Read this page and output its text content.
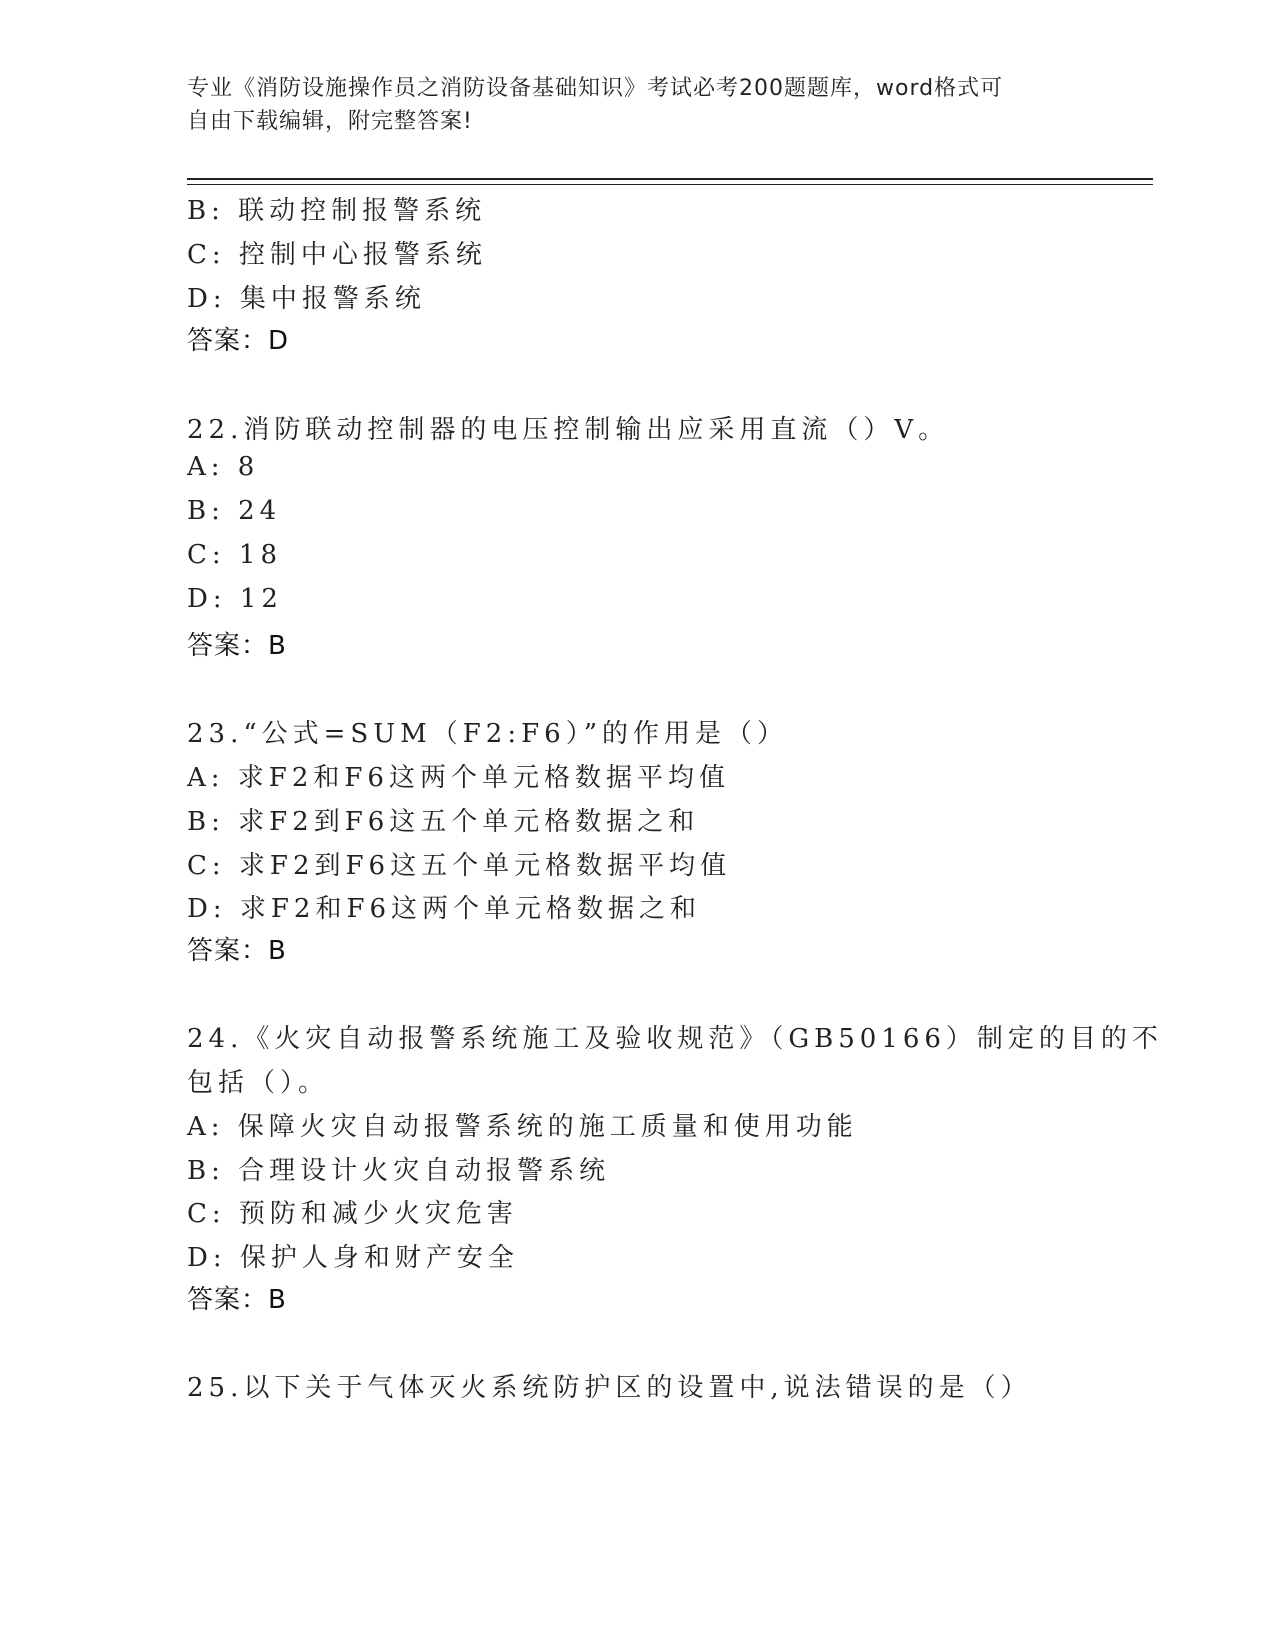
专业《消防设施操作员之消防设备基础知识》考试必考200题题库，word格式可
自由下载编辑，附完整答案!
B: 联动控制报警系统
C: 控制中心报警系统
D: 集中报警系统
答案：D
22.消防联动控制器的电压控制输出应采用直流（）V。
A: 8
B: 24
C: 18
D: 12
答案：B
23.“公式=SUM（F2:F6）”的作用是（）
A: 求F2和F6这两个单元格数据平均值
B: 求F2到F6这五个单元格数据之和
C: 求F2到F6这五个单元格数据平均值
D: 求F2和F6这两个单元格数据之和
答案：B
24.《火灾自动报警系统施工及验收规范》（GB50166）制定的目的不
包括（）。
A: 保障火灾自动报警系统的施工质量和使用功能
B: 合理设计火灾自动报警系统
C: 预防和减少火灾危害
D: 保护人身和财产安全
答案：B
25.以下关于气体灭火系统防护区的设置中,说法错误的是（）
